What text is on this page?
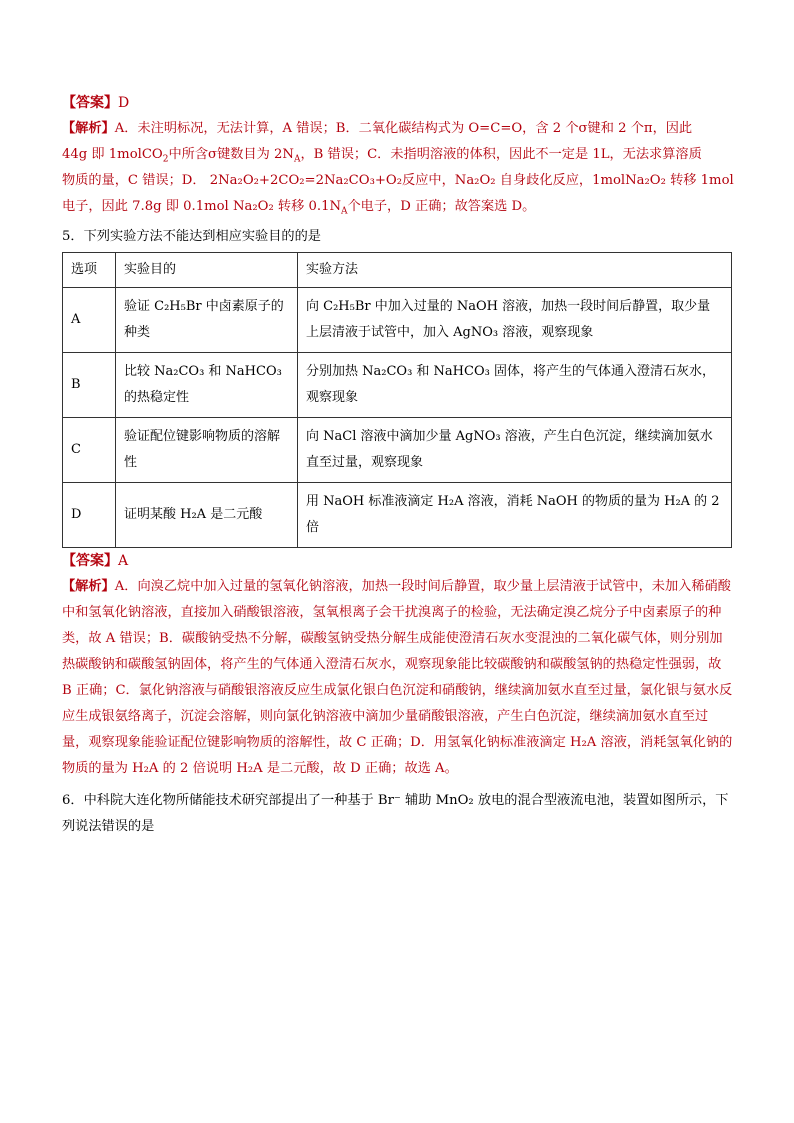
【答案】D

【解析】A．未注明标况，无法计算，A 错误；B．二氧化碳结构式为 O=C=O，含 2 个σ键和 2 个π，因此
44g 即 1molCO$_2$中所含σ键数目为 $2N_A$，B 错误；C．未指明溶液的体积，因此不一定是 1L，无法求算溶质
物质的量，C 错误；D． 2Na₂O₂+2CO₂=2Na₂CO₃+O₂反应中，Na₂O₂ 自身歧化反应，1molNa₂O₂ 转移 1mol
电子，因此 7.8g 即 0.1mol Na₂O₂ 转移 $0.1N_A$个电子，D 正确；故答案选 D。

5．下列实验方法不能达到相应实验目的的是

选项	实验目的	实验方法
A	验证 C₂H₅Br 中卤素原子的种类	向 C₂H₅Br 中加入过量的 NaOH 溶液，加热一段时间后静置，取少量上层清液于试管中，加入 AgNO₃ 溶液，观察现象
B	比较 Na₂CO₃ 和 NaHCO₃ 的热稳定性	分别加热 Na₂CO₃ 和 NaHCO₃ 固体，将产生的气体通入澄清石灰水，观察现象
C	验证配位键影响物质的溶解性	向 NaCl 溶液中滴加少量 AgNO₃ 溶液，产生白色沉淀，继续滴加氨水直至过量，观察现象
D	证明某酸 H₂A 是二元酸	用 NaOH 标准液滴定 H₂A 溶液，消耗 NaOH 的物质的量为 H₂A 的 2 倍

【答案】A

【解析】A．向溴乙烷中加入过量的氢氧化钠溶液，加热一段时间后静置，取少量上层清液于试管中，未加入稀硝酸中和氢氧化钠溶液，直接加入硝酸银溶液，氢氧根离子会干扰溴离子的检验，无法确定溴乙烷分子中卤素原子的种类，故 A 错误；B．碳酸钠受热不分解，碳酸氢钠受热分解生成能使澄清石灰水变混浊的二氧化碳气体，则分别加热碳酸钠和碳酸氢钠固体，将产生的气体通入澄清石灰水，观察现象能比较碳酸钠和碳酸氢钠的热稳定性强弱，故 B 正确；C．氯化钠溶液与硝酸银溶液反应生成氯化银白色沉淀和硝酸钠，继续滴加氨水直至过量，氯化银与氨水反应生成银氨络离子，沉淀会溶解，则向氯化钠溶液中滴加少量硝酸银溶液，产生白色沉淀，继续滴加氨水直至过量，观察现象能验证配位键影响物质的溶解性，故 C 正确；D．用氢氧化钠标准液滴定 H₂A 溶液，消耗氢氧化钠的物质的量为 H₂A 的 2 倍说明 H₂A 是二元酸，故 D 正确；故选 A。

6．中科院大连化物所储能技术研究部提出了一种基于 Br⁻ 辅助 MnO₂ 放电的混合型液流电池，装置如图所示，下列说法错误的是
